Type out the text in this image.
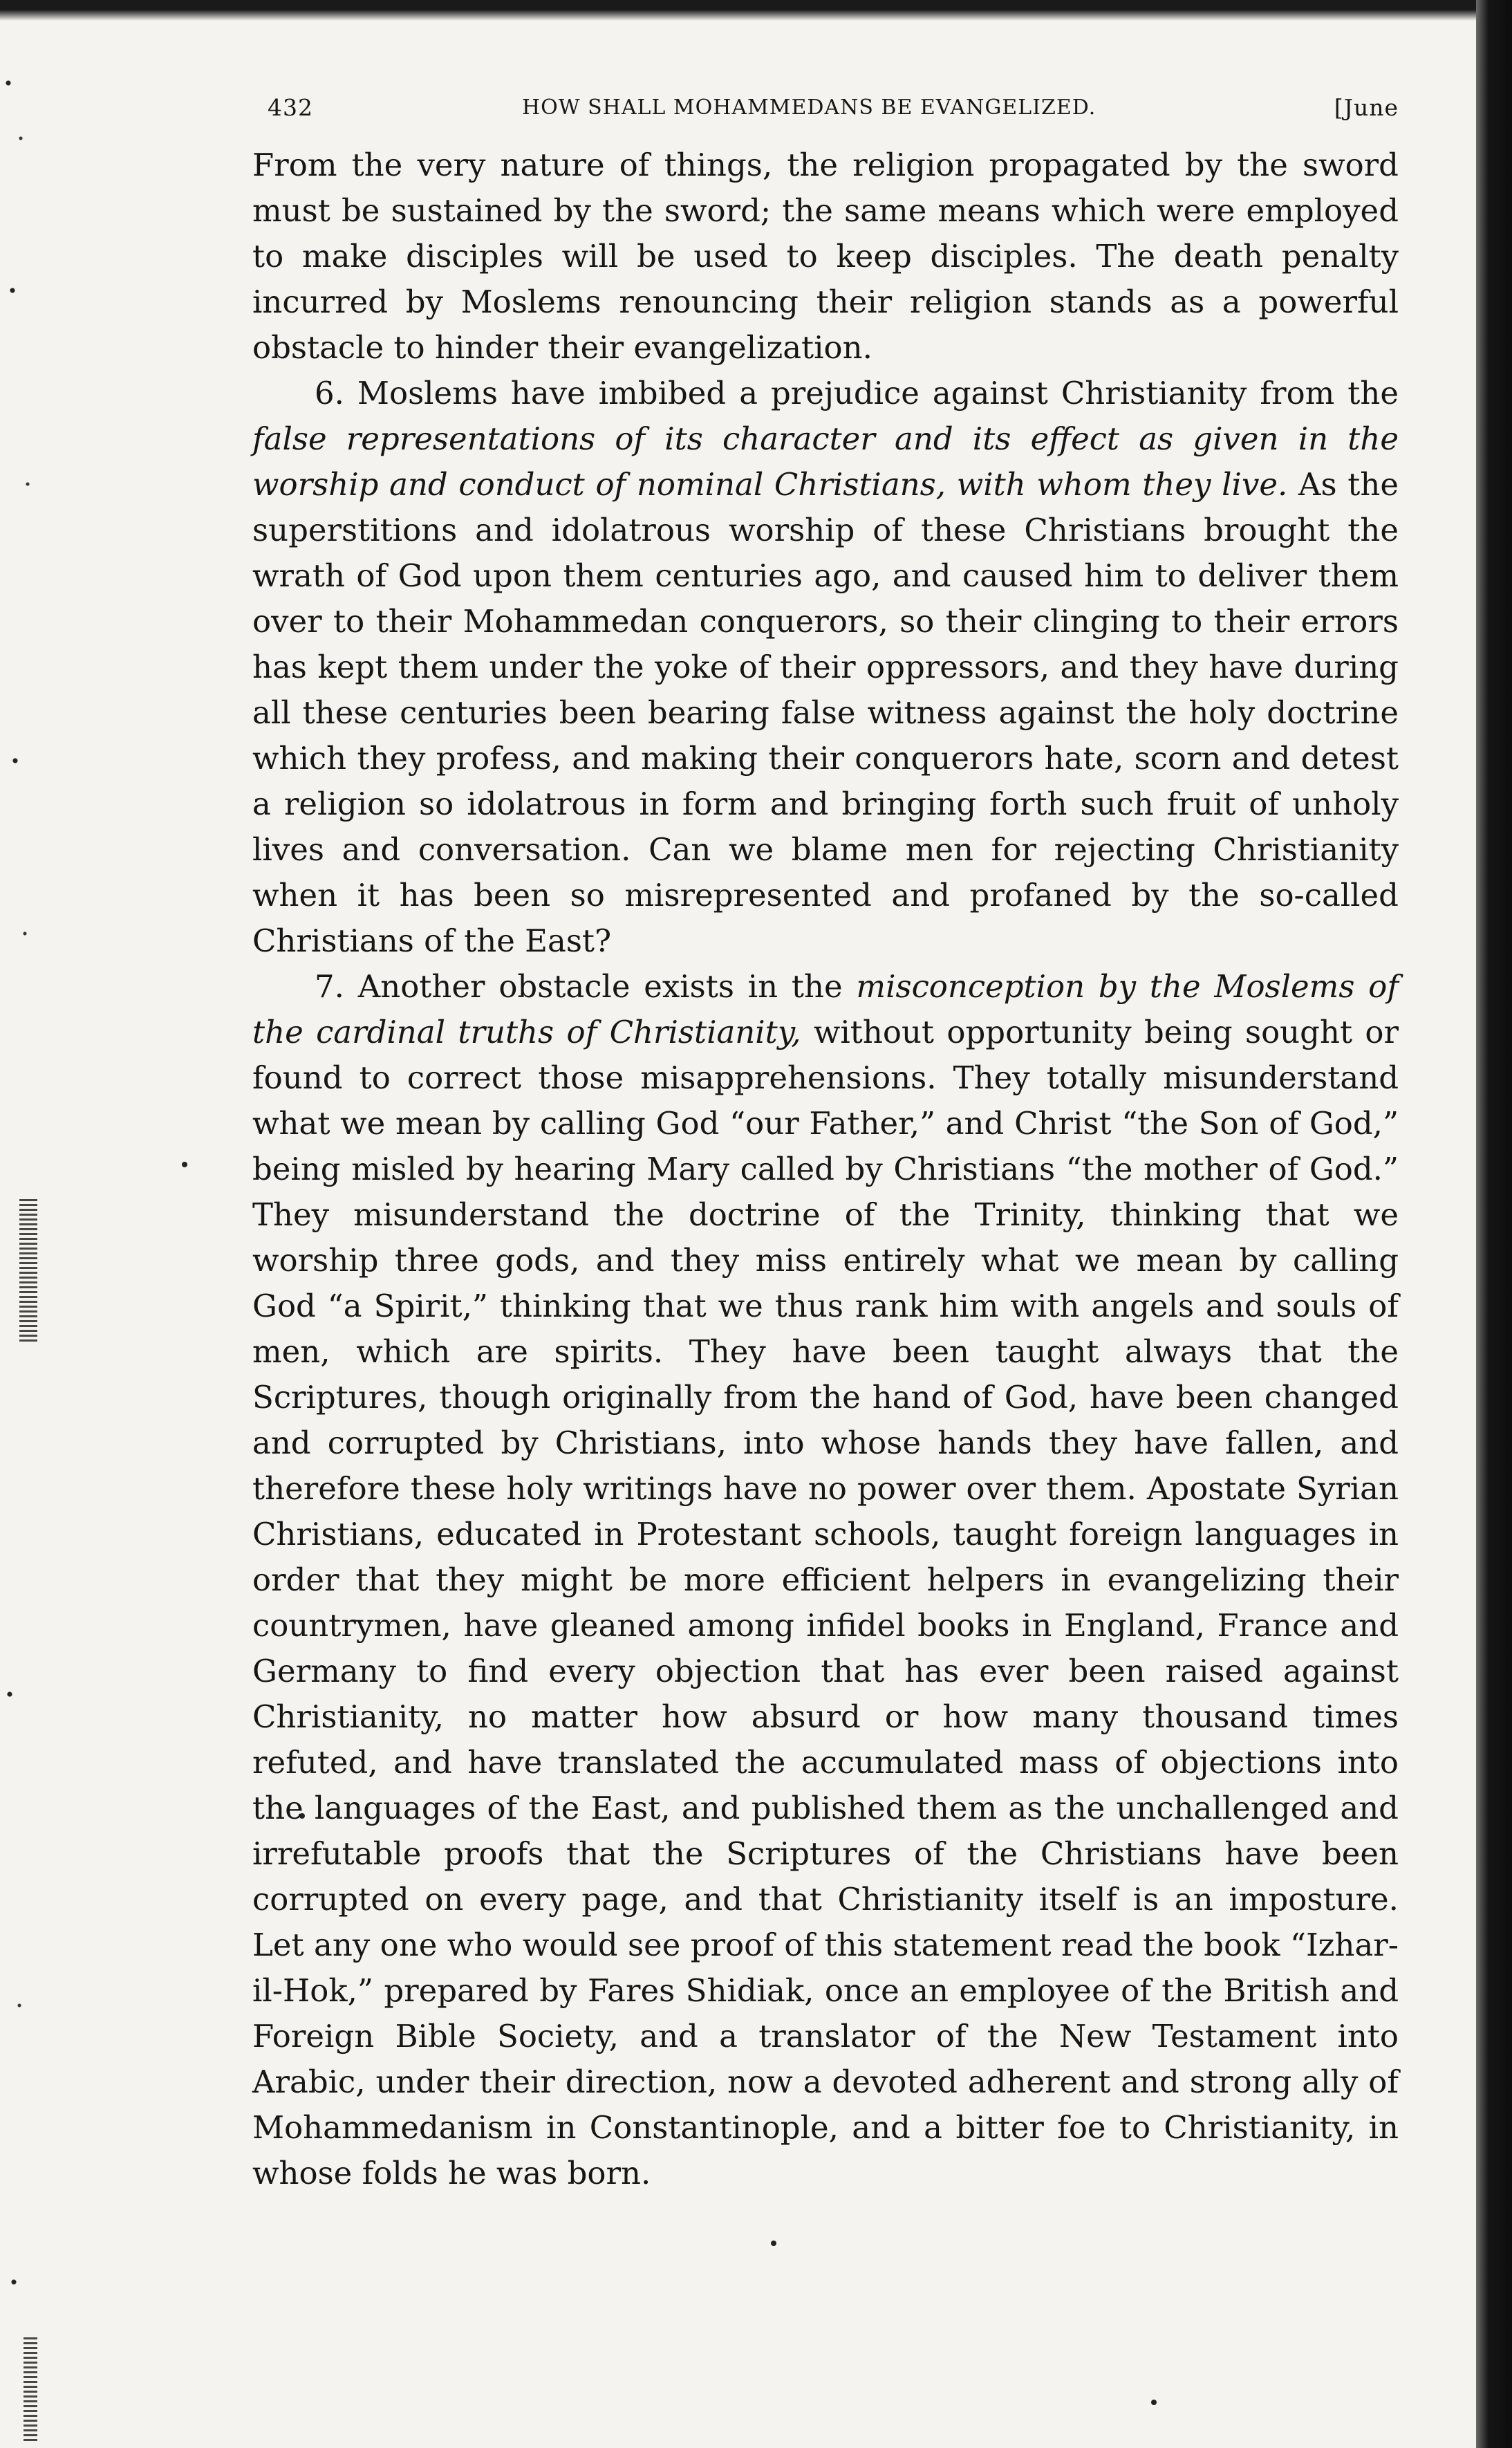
432	HOW SHALL MOHAMMEDANS BE EVANGELIZED.	[June

From the very nature of things, the religion propagated by the sword must be sustained by the sword; the same means which were employed to make disciples will be used to keep disciples. The death penalty incurred by Moslems renouncing their religion stands as a powerful obstacle to hinder their evangelization.

6. Moslems have imbibed a prejudice against Christianity from the false representations of its character and its effect as given in the worship and conduct of nominal Christians, with whom they live. As the superstitions and idolatrous worship of these Christians brought the wrath of God upon them centuries ago, and caused him to deliver them over to their Mohammedan conquerors, so their clinging to their errors has kept them under the yoke of their oppressors, and they have during all these centuries been bearing false witness against the holy doctrine which they profess, and making their conquerors hate, scorn and detest a religion so idolatrous in form and bringing forth such fruit of unholy lives and conversation. Can we blame men for rejecting Christianity when it has been so misrepresented and profaned by the so-called Christians of the East?

7. Another obstacle exists in the misconception by the Moslems of the cardinal truths of Christianity, without opportunity being sought or found to correct those misapprehensions. They totally misunderstand what we mean by calling God “our Father,” and Christ “the Son of God,” being misled by hearing Mary called by Christians “the mother of God.” They misunderstand the doctrine of the Trinity, thinking that we worship three gods, and they miss entirely what we mean by calling God “a Spirit,” thinking that we thus rank him with angels and souls of men, which are spirits. They have been taught always that the Scriptures, though originally from the hand of God, have been changed and corrupted by Christians, into whose hands they have fallen, and therefore these holy writings have no power over them. Apostate Syrian Christians, educated in Protestant schools, taught foreign languages in order that they might be more efficient helpers in evangelizing their countrymen, have gleaned among infidel books in England, France and Germany to find every objection that has ever been raised against Christianity, no matter how absurd or how many thousand times refuted, and have translated the accumulated mass of objections into the languages of the East, and published them as the unchallenged and irrefutable proofs that the Scriptures of the Christians have been corrupted on every page, and that Christianity itself is an imposture. Let any one who would see proof of this statement read the book “Izhar-il-Hok,” prepared by Fares Shidiak, once an employee of the British and Foreign Bible Society, and a translator of the New Testament into Arabic, under their direction, now a devoted adherent and strong ally of Mohammedanism in Constantinople, and a bitter foe to Christianity, in whose folds he was born.
